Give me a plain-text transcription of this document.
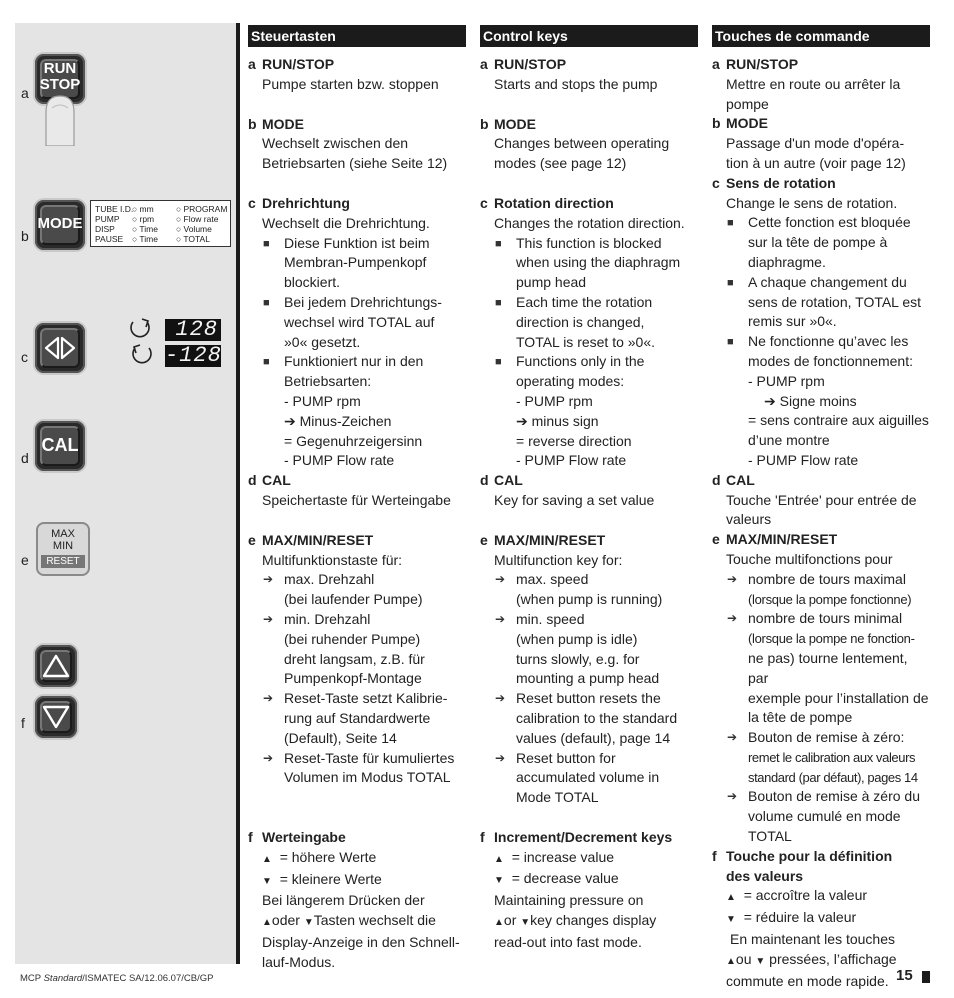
a
RUN
STOP
b
MODE
TUBE I.D.
PUMP
DISP
PAUSE
○ mm
○ rpm
○ Time
○ Time
○ PROGRAM
○ Flow rate
○ Volume
○ TOTAL
c
128
-128
d
CAL
e
MAX
MIN
RESET
f
Steuertasten
a RUN/STOP
Pumpe starten bzw. stoppen
b MODE
Wechselt zwischen den
Betriebsarten (siehe Seite 12)
c Drehrichtung
Wechselt die Drehrichtung.
■ Diese Funktion ist beim
Membran-Pumpenkopf
blockiert.
■ Bei jedem Drehrichtungs-
wechsel wird TOTAL auf
»0« gesetzt.
■ Funktioniert nur in den
Betriebsarten:
- PUMP rpm
➔ Minus-Zeichen
= Gegenuhrzeigersinn
- PUMP Flow rate
d CAL
Speichertaste für Werteingabe
e MAX/MIN/RESET
Multifunktionstaste für:
➔ max. Drehzahl
(bei laufender Pumpe)
➔ min. Drehzahl
(bei ruhender Pumpe)
dreht langsam, z.B. für
Pumpenkopf-Montage
➔ Reset-Taste setzt Kalibrie-
rung auf Standardwerte
(Default), Seite 14
➔ Reset-Taste für kumuliertes
Volumen im Modus TOTAL
f Werteingabe
▲ = höhere Werte
▼ = kleinere Werte
Bei längerem Drücken der
▲oder ▼Tasten wechselt die
Display-Anzeige in den Schnell-
lauf-Modus.
Control keys
a RUN/STOP
Starts and stops the pump
b MODE
Changes between operating
modes (see page 12)
c Rotation direction
Changes the rotation direction.
■ This function is blocked
when using the diaphragm
pump head
■ Each time the rotation
direction is changed,
TOTAL is reset to »0«.
■ Functions only in the
operating modes:
- PUMP rpm
➔ minus sign
= reverse direction
- PUMP Flow rate
d CAL
Key for saving a set value
e MAX/MIN/RESET
Multifunction key for:
➔ max. speed
(when pump is running)
➔ min. speed
(when pump is idle)
turns slowly, e.g. for
mounting a pump head
➔ Reset button resets the
calibration to the standard
values (default), page 14
➔ Reset button for
accumulated volume in
Mode TOTAL
f Increment/Decrement keys
▲ = increase value
▼ = decrease value
Maintaining pressure on
▲or ▼key changes display
read-out into fast mode.
Touches de commande
a RUN/STOP
Mettre en route ou arrêter la
pompe
b MODE
Passage d'un mode d'opéra-
tion à un autre (voir page 12)
c Sens de rotation
Change le sens de rotation.
■ Cette fonction est bloquée
sur la tête de pompe à
diaphragme.
■ A chaque changement du
sens de rotation, TOTAL est
remis sur »0«.
■ Ne fonctionne qu’avec les
modes de fonctionnement:
- PUMP rpm
➔ Signe moins
= sens contraire aux aiguilles
d’une montre
- PUMP Flow rate
d CAL
Touche 'Entrée' pour entrée de
valeurs
e MAX/MIN/RESET
Touche multifonctions pour
➔ nombre de tours maximal
(lorsque la pompe fonctionne)
➔ nombre de tours minimal
(lorsque la pompe ne fonction-
ne pas) tourne lentement, par
exemple pour l’installation de
la tête de pompe
➔ Bouton de remise à zéro:
remet le calibration aux valeurs
standard (par défaut), pages 14
➔ Bouton de remise à zéro du
volume cumulé en mode
TOTAL
f Touche pour la définition
des valeurs
▲ = accroître la valeur
▼ = réduire la valeur
En maintenant les touches
▲ou ▼ pressées, l’affichage
commute en mode rapide.
MCP Standard/ISMATEC SA/12.06.07/CB/GP	15
